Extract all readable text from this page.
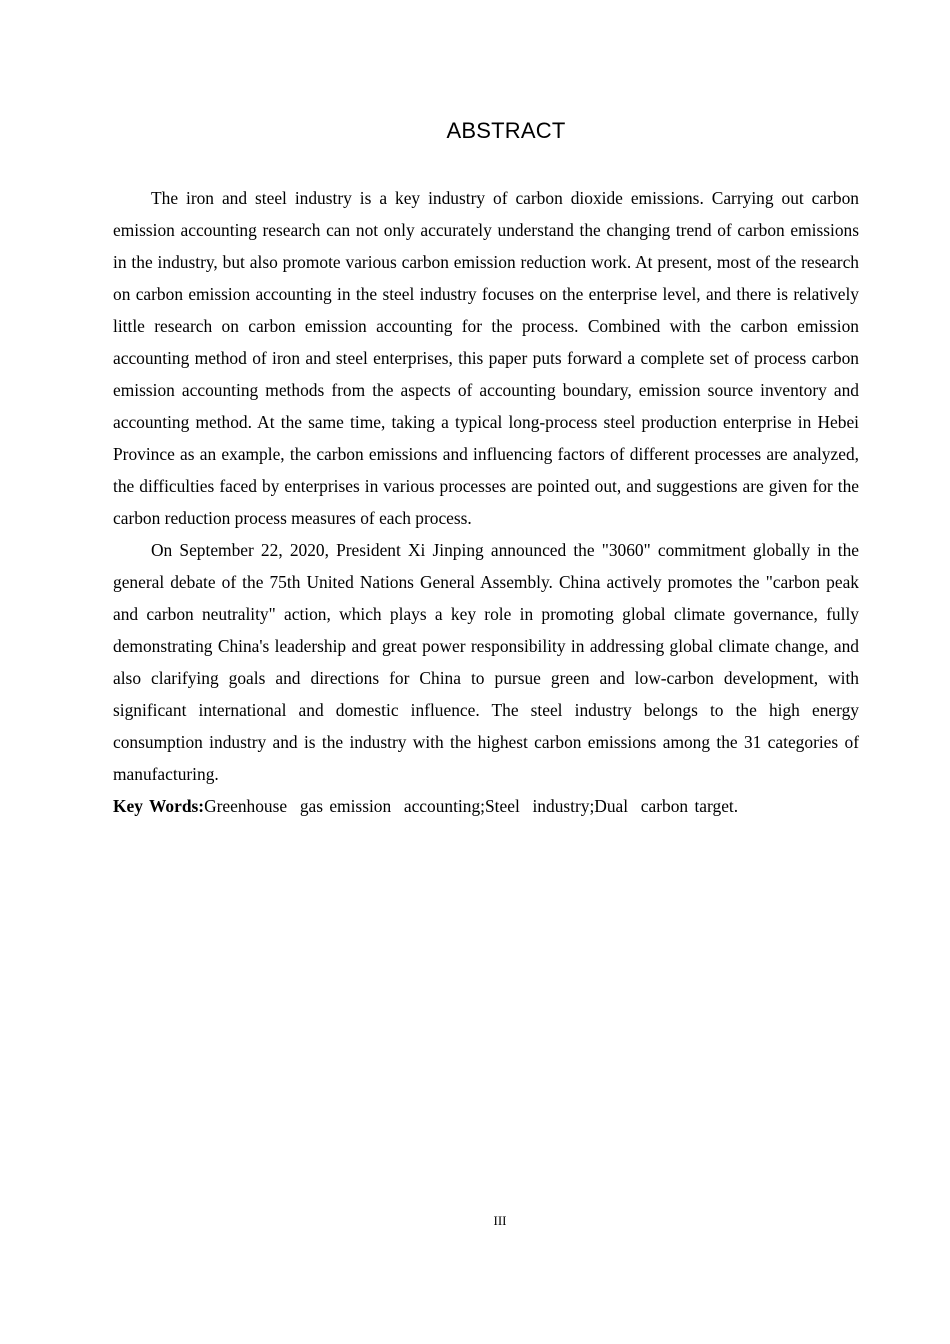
ABSTRACT

The iron and steel industry is a key industry of carbon dioxide emissions. Carrying out carbon emission accounting research can not only accurately understand the changing trend of carbon emissions in the industry, but also promote various carbon emission reduction work. At present, most of the research on carbon emission accounting in the steel industry focuses on the enterprise level, and there is relatively little research on carbon emission accounting for the process. Combined with the carbon emission accounting method of iron and steel enterprises, this paper puts forward a complete set of process carbon emission accounting methods from the aspects of accounting boundary, emission source inventory and accounting method. At the same time, taking a typical long-process steel production enterprise in Hebei Province as an example, the carbon emissions and influencing factors of different processes are analyzed, the difficulties faced by enterprises in various processes are pointed out, and suggestions are given for the carbon reduction process measures of each process.

On September 22, 2020, President Xi Jinping announced the "3060" commitment globally in the general debate of the 75th United Nations General Assembly. China actively promotes the "carbon peak and carbon neutrality" action, which plays a key role in promoting global climate governance, fully demonstrating China's leadership and great power responsibility in addressing global climate change, and also clarifying goals and directions for China to pursue green and low-carbon development, with significant international and domestic influence. The steel industry belongs to the high energy consumption industry and is the industry with the highest carbon emissions among the 31 categories of manufacturing.

Key Words:Greenhouse  gas emission  accounting;Steel  industry;Dual  carbon target.

III
